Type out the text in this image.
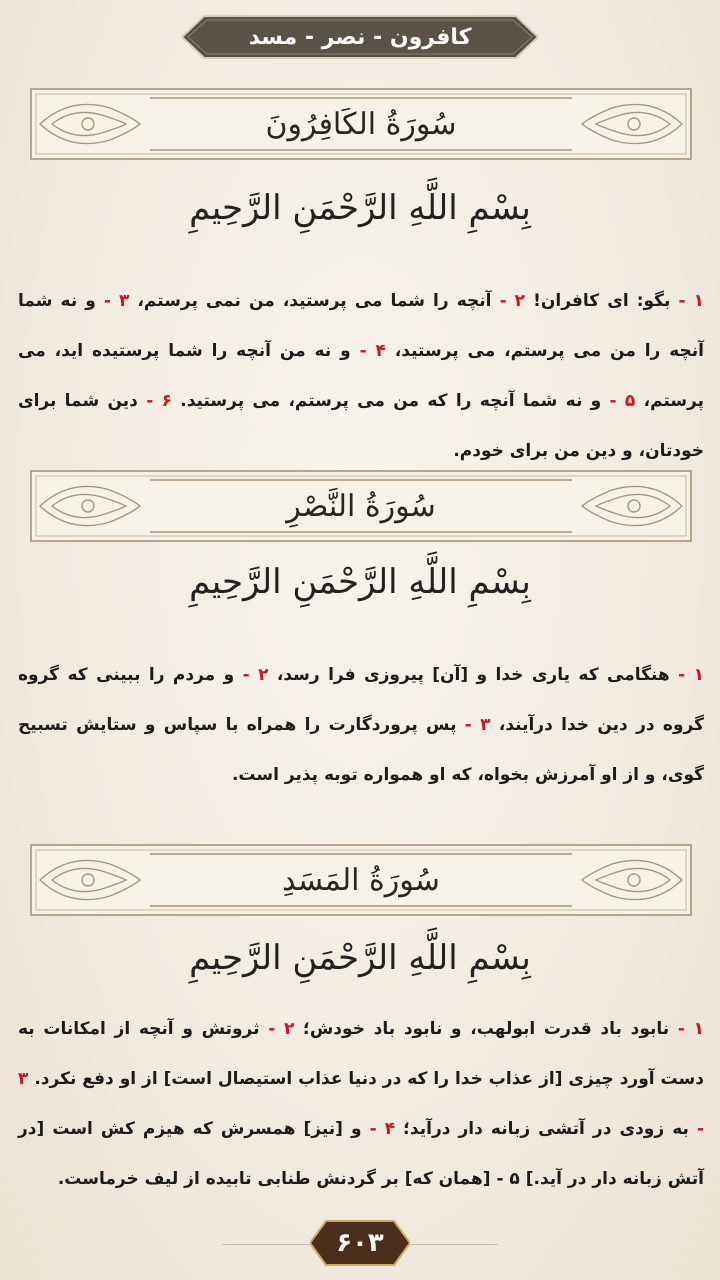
کافرون - نصر - مسد
سُورَةُ الکَافِرُونَ
بِسْمِ اللَّهِ الرَّحْمَنِ الرَّحِيمِ
۱ - بگو: ای کافران! ۲ - آنچه را شما می پرستید، من نمی پرستم، ۳ - و نه شما آنچه را من می پرستم، می پرستید، ۴ - و نه من آنچه را شما پرستیده اید، می پرستم، ۵ - و نه شما آنچه را که من می پرستم، می پرستید. ۶ - دین شما برای خودتان، و دین من برای خودم.
سُورَةُ النَّصْرِ
بِسْمِ اللَّهِ الرَّحْمَنِ الرَّحِيمِ
۱ - هنگامی که یاری خدا و [آن] پیروزی فرا رسد، ۲ - و مردم را ببینی که گروه گروه در دین خدا درآیند، ۳ - پس پروردگارت را همراه با سپاس و ستایش تسبیح گوی، و از او آمرزش بخواه، که او همواره توبه پذیر است.
سُورَةُ المَسَدِ
بِسْمِ اللَّهِ الرَّحْمَنِ الرَّحِيمِ
۱ - نابود باد قدرت ابولهب، و نابود باد خودش؛ ۲ - ثروتش و آنچه از امکانات به دست آورد چیزی [از عذاب خدا را که در دنیا عذاب استیصال است] از او دفع نکرد. ۳ - به زودی در آتشی زبانه دار درآید؛ ۴ - و [نیز] همسرش که هیزم کش است [در آتش زبانه دار در آید.] ۵ - [همان که] بر گردنش طنابی تابیده از لیف خرماست.
۶۰۳
